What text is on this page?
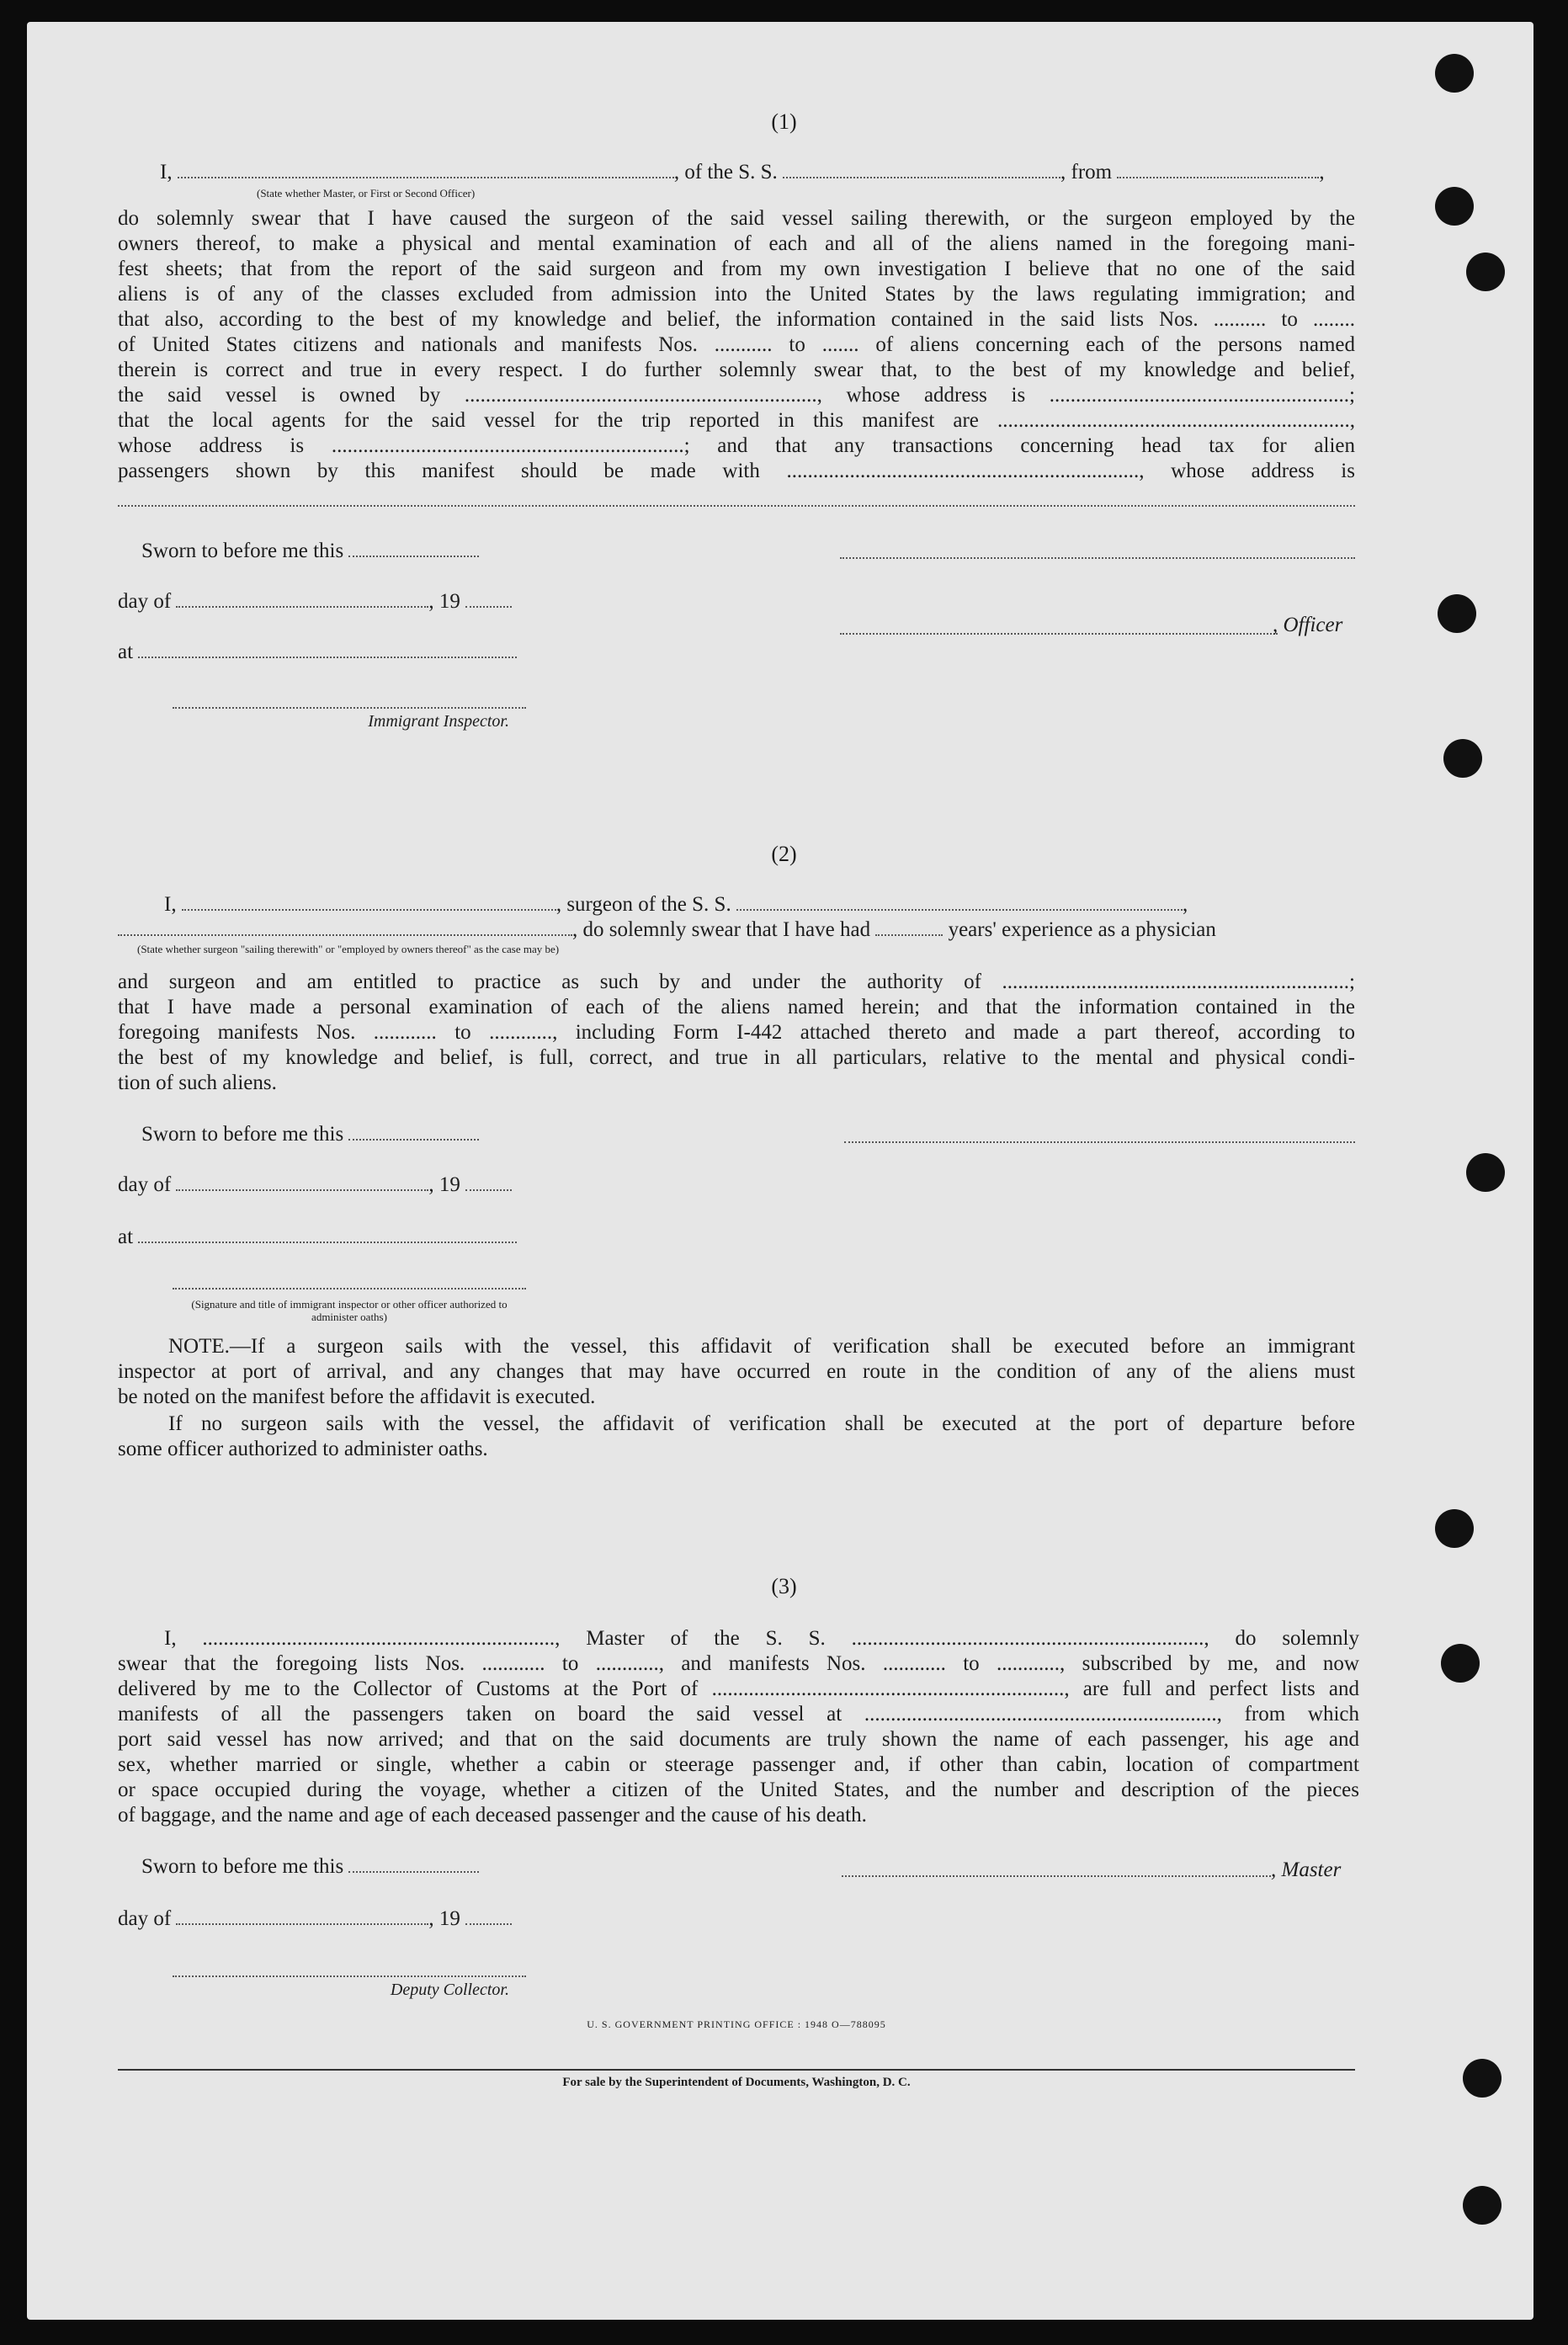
(1)
I,	, of the S. S.	, from	,
(State whether Master, or First or Second Officer)
do solemnly swear that I have caused the surgeon of the said vessel sailing therewith, or the surgeon employed by the
owners thereof, to make a physical and mental examination of each and all of the aliens named in the foregoing mani-
fest sheets; that from the report of the said surgeon and from my own investigation I believe that no one of the said
aliens is of any of the classes excluded from admission into the United States by the laws regulating immigration; and
that also, according to the best of my knowledge and belief, the information contained in the said lists Nos. .......... to ........
of United States citizens and nationals and manifests Nos. ........... to ....... of aliens concerning each of the persons named
therein is correct and true in every respect. I do further solemnly swear that, to the best of my knowledge and belief,
the said vessel is owned by ..................................................................., whose address is .........................................................;
that the local agents for the said vessel for the trip reported in this manifest are ...................................................................,
whose address is ...................................................................; and that any transactions concerning head tax for alien
passengers shown by this manifest should be made with ..................................................................., whose address is
Sworn to before me this
day of	, 19
at
Immigrant Inspector.
, Officer
(2)
I,	, surgeon of the S. S.	,
, do solemnly swear that I have had	years' experience as a physician
(State whether surgeon "sailing therewith" or "employed by owners thereof" as the case may be)
and surgeon and am entitled to practice as such by and under the authority of ..................................................................;
that I have made a personal examination of each of the aliens named herein; and that the information contained in the
foregoing manifests Nos. ............ to ............, including Form I-442 attached thereto and made a part thereof, according to
the best of my knowledge and belief, is full, correct, and true in all particulars, relative to the mental and physical condi-
tion of such aliens.
Sworn to before me this
day of	, 19
at
(Signature and title of immigrant inspector or other officer authorized to administer oaths)
NOTE.—If a surgeon sails with the vessel, this affidavit of verification shall be executed before an immigrant
inspector at port of arrival, and any changes that may have occurred en route in the condition of any of the aliens must
be noted on the manifest before the affidavit is executed.
If no surgeon sails with the vessel, the affidavit of verification shall be executed at the port of departure before
some officer authorized to administer oaths.
(3)
I, ..................................................................., Master of the S. S. ..................................................................., do solemnly
swear that the foregoing lists Nos. ............ to ............, and manifests Nos. ............ to ............, subscribed by me, and now
delivered by me to the Collector of Customs at the Port of ..................................................................., are full and perfect lists and
manifests of all the passengers taken on board the said vessel at ..................................................................., from which
port said vessel has now arrived; and that on the said documents are truly shown the name of each passenger, his age and
sex, whether married or single, whether a cabin or steerage passenger and, if other than cabin, location of compartment
or space occupied during the voyage, whether a citizen of the United States, and the number and description of the pieces
of baggage, and the name and age of each deceased passenger and the cause of his death.
Sworn to before me this	, Master
day of	, 19
Deputy Collector.
U. S. GOVERNMENT PRINTING OFFICE : 1948 O—788095
For sale by the Superintendent of Documents, Washington, D. C.
